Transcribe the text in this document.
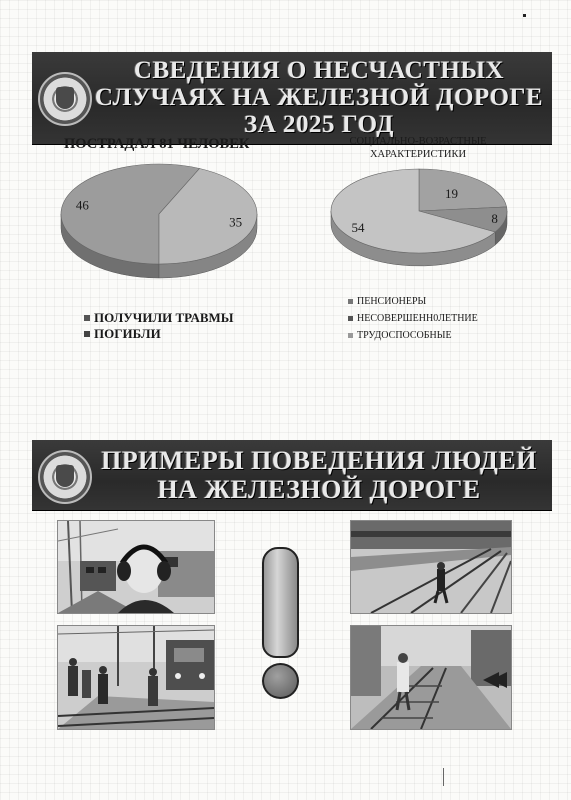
СВЕДЕНИЯ О НЕСЧАСТНЫХ
СЛУЧАЯХ НА ЖЕЛЕЗНОЙ ДОРОГЕ
ЗА 2025 ГОД
ПОСТРАДАЛ 81 ЧЕЛОВЕК	СОЦИАЛЬНО-ВОЗРАСТНЫЕ
ХАРАКТЕРИСТИКИ
46
35
19
8
54
ПОЛУЧИЛИ ТРАВМЫ
ПОГИБЛИ
ПЕНСИОНЕРЫ
НЕСОВЕРШЕНH0ЛЕТНИЕ
ТРУДОСПОСОБНЫЕ
ПРИМЕРЫ ПОВЕДЕНИЯ ЛЮДЕЙ
НА ЖЕЛЕЗНОЙ ДОРОГЕ
